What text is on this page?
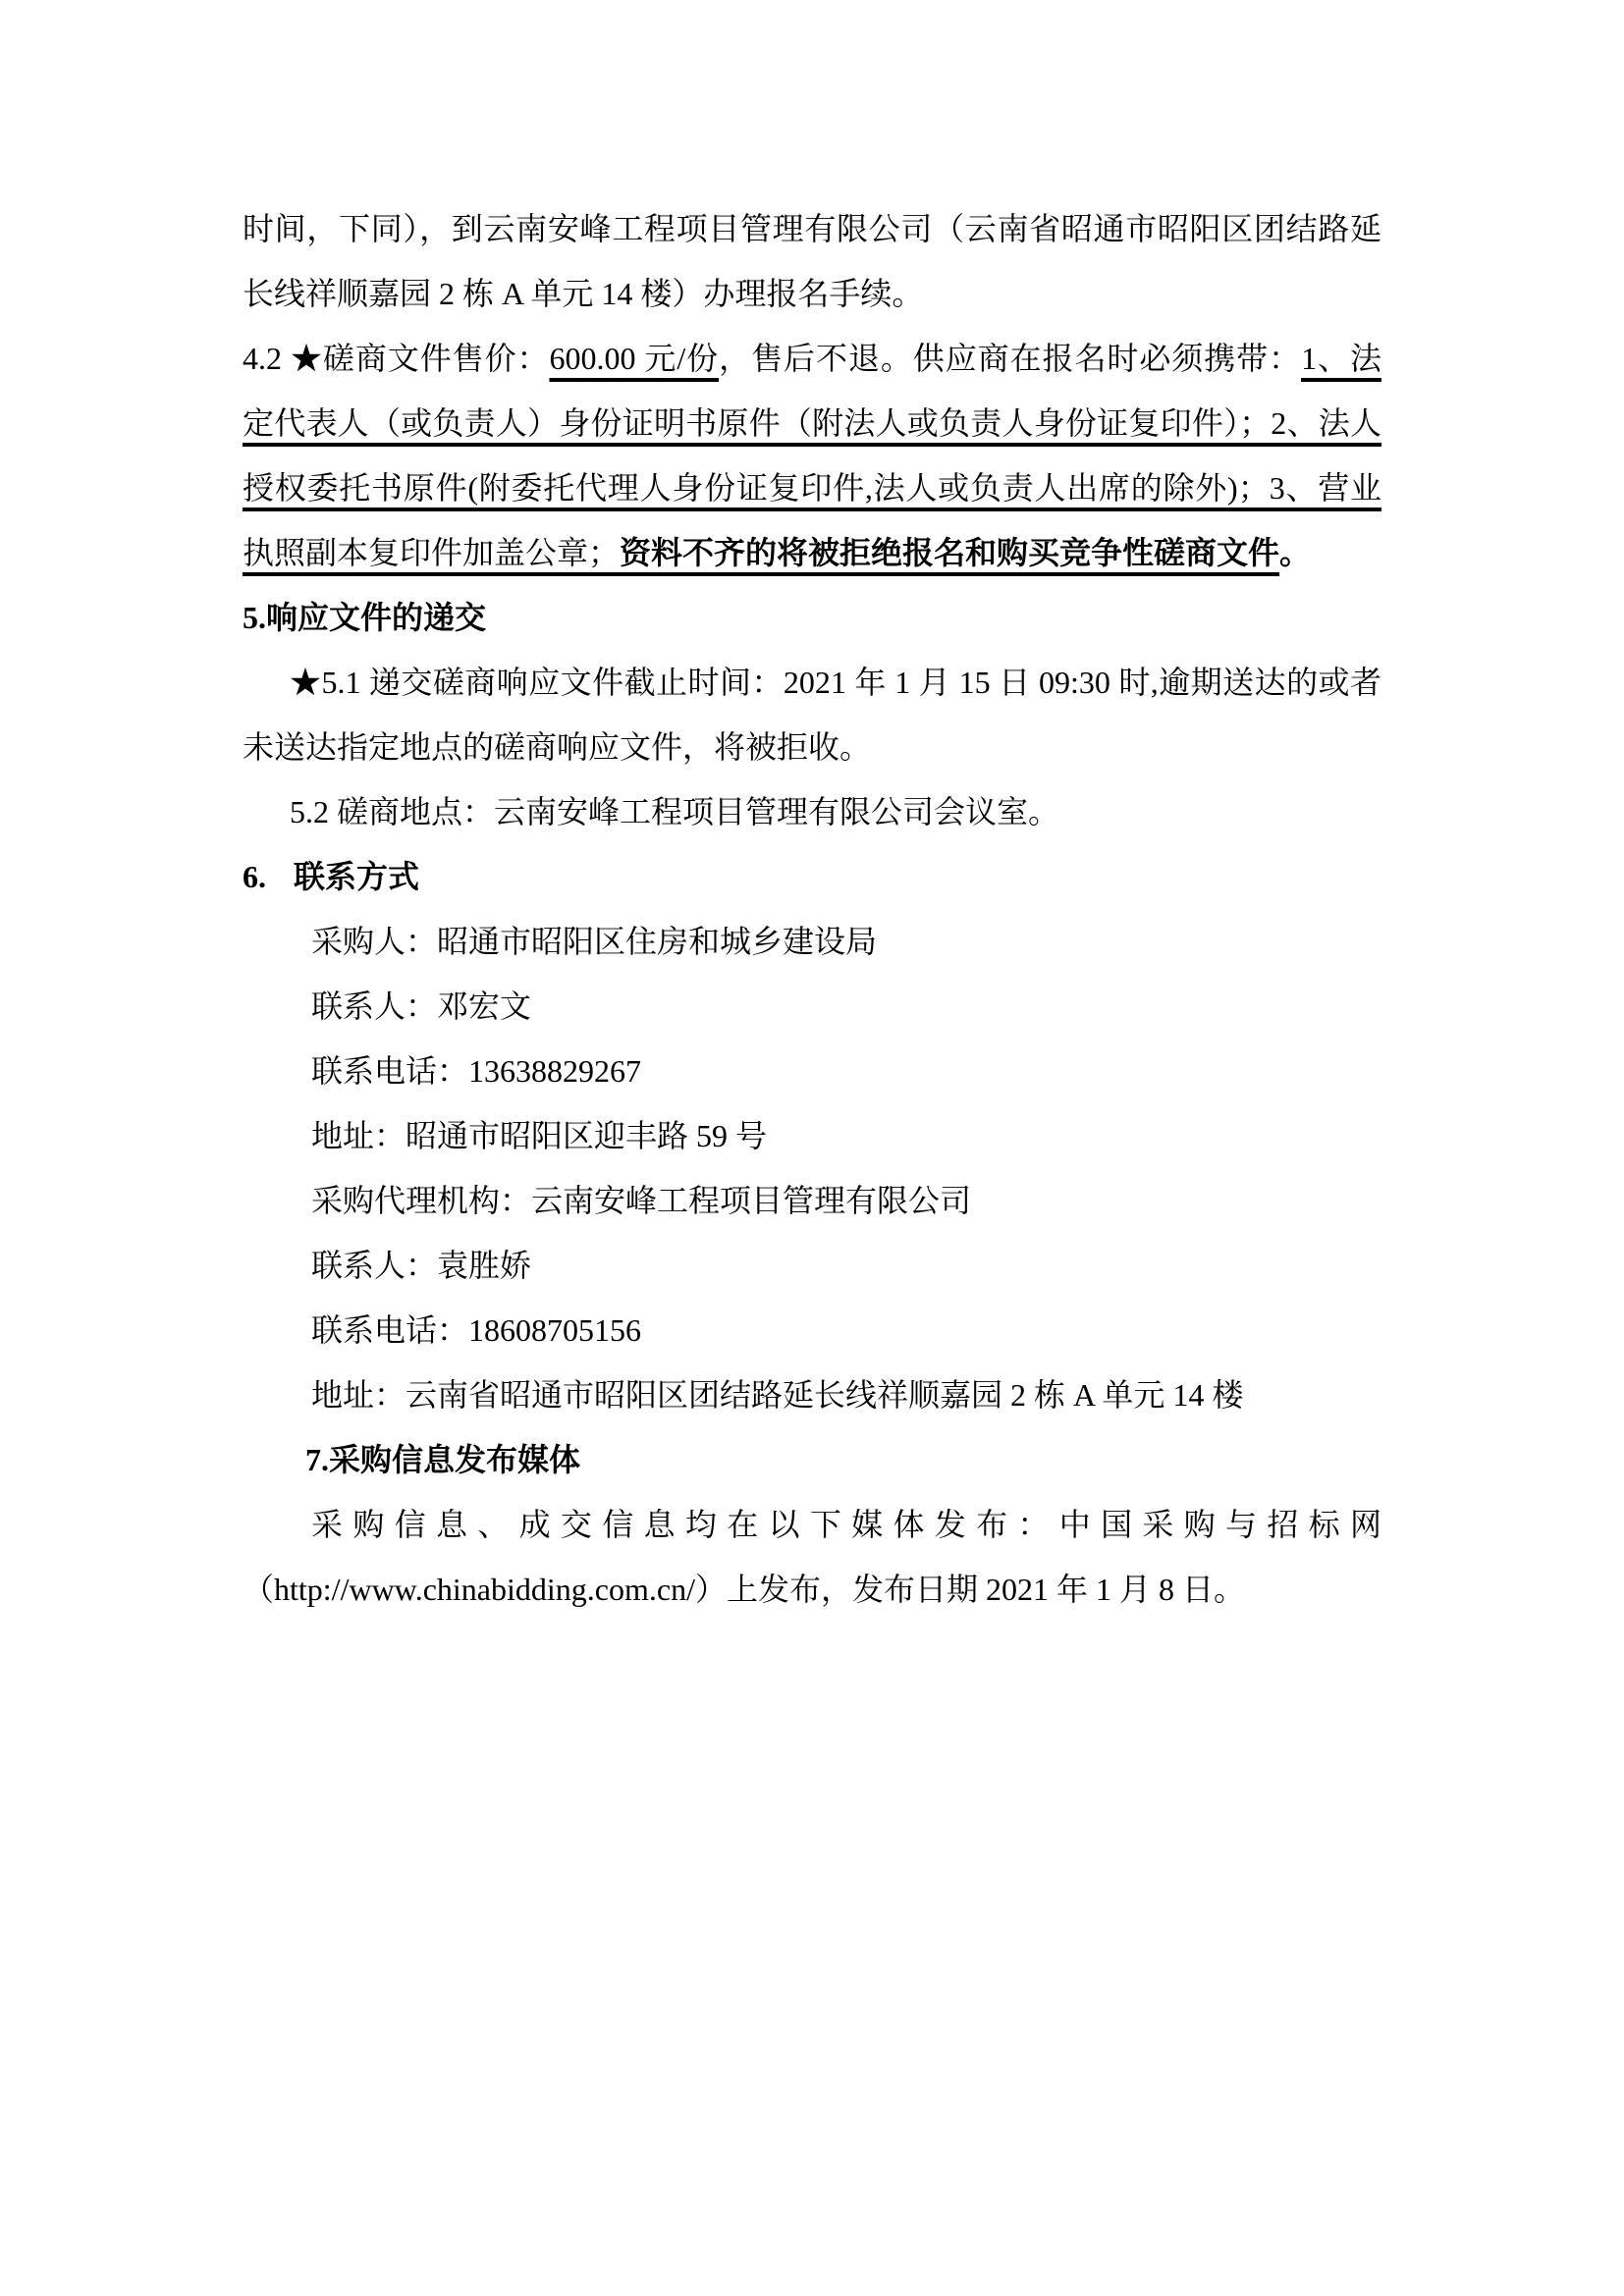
时间，下同），到云南安峰工程项目管理有限公司（云南省昭通市昭阳区团结路延长线祥顺嘉园 2 栋 A 单元 14 楼）办理报名手续。

4.2 ★磋商文件售价：600.00 元/份，售后不退。供应商在报名时必须携带：1、法定代表人（或负责人）身份证明书原件（附法人或负责人身份证复印件）；2、法人授权委托书原件(附委托代理人身份证复印件,法人或负责人出席的除外)；3、营业执照副本复印件加盖公章；资料不齐的将被拒绝报名和购买竞争性磋商文件。

5.响应文件的递交

★5.1 递交磋商响应文件截止时间：2021 年 1 月 15 日 09:30 时,逾期送达的或者未送达指定地点的磋商响应文件，将被拒收。

5.2 磋商地点：云南安峰工程项目管理有限公司会议室。

6. 联系方式

采购人：昭通市昭阳区住房和城乡建设局

联系人：邓宏文

联系电话：13638829267

地址：昭通市昭阳区迎丰路 59 号

采购代理机构：云南安峰工程项目管理有限公司

联系人：袁胜娇

联系电话：18608705156

地址：云南省昭通市昭阳区团结路延长线祥顺嘉园 2 栋 A 单元 14 楼

7.采购信息发布媒体

采购信息、成交信息均在以下媒体发布：中国采购与招标网（http://www.chinabidding.com.cn/）上发布，发布日期 2021 年 1 月 8 日。
